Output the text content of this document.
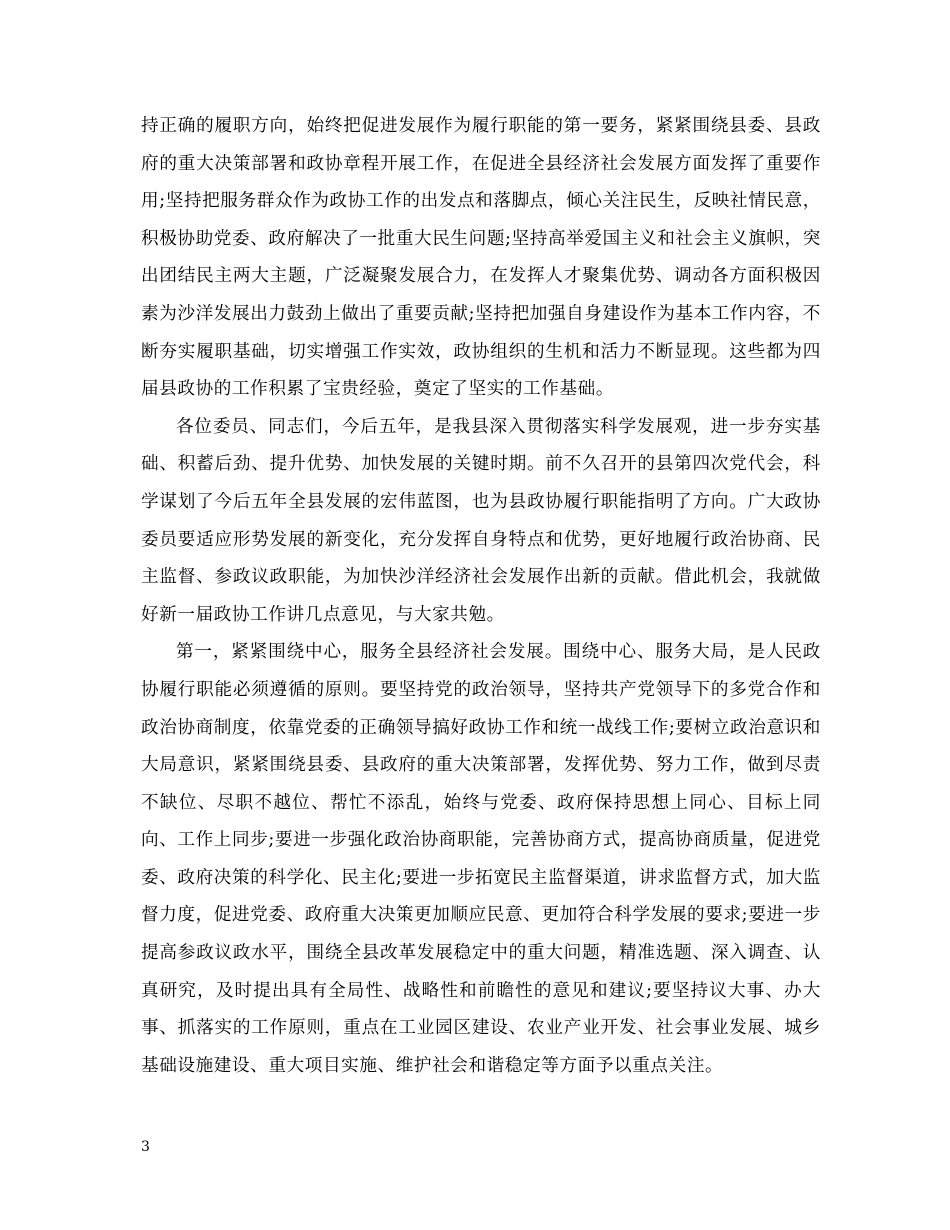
持正确的履职方向，始终把促进发展作为履行职能的第一要务，紧紧围绕县委、县政府的重大决策部署和政协章程开展工作，在促进全县经济社会发展方面发挥了重要作用;坚持把服务群众作为政协工作的出发点和落脚点，倾心关注民生，反映社情民意，积极协助党委、政府解决了一批重大民生问题;坚持高举爱国主义和社会主义旗帜，突出团结民主两大主题，广泛凝聚发展合力，在发挥人才聚集优势、调动各方面积极因素为沙洋发展出力鼓劲上做出了重要贡献;坚持把加强自身建设作为基本工作内容，不断夯实履职基础，切实增强工作实效，政协组织的生机和活力不断显现。这些都为四届县政协的工作积累了宝贵经验，奠定了坚实的工作基础。

各位委员、同志们，今后五年，是我县深入贯彻落实科学发展观，进一步夯实基础、积蓄后劲、提升优势、加快发展的关键时期。前不久召开的县第四次党代会，科学谋划了今后五年全县发展的宏伟蓝图，也为县政协履行职能指明了方向。广大政协委员要适应形势发展的新变化，充分发挥自身特点和优势，更好地履行政治协商、民主监督、参政议政职能，为加快沙洋经济社会发展作出新的贡献。借此机会，我就做好新一届政协工作讲几点意见，与大家共勉。

第一，紧紧围绕中心，服务全县经济社会发展。围绕中心、服务大局，是人民政协履行职能必须遵循的原则。要坚持党的政治领导，坚持共产党领导下的多党合作和政治协商制度，依靠党委的正确领导搞好政协工作和统一战线工作;要树立政治意识和大局意识，紧紧围绕县委、县政府的重大决策部署，发挥优势、努力工作，做到尽责不缺位、尽职不越位、帮忙不添乱，始终与党委、政府保持思想上同心、目标上同向、工作上同步;要进一步强化政治协商职能，完善协商方式，提高协商质量，促进党委、政府决策的科学化、民主化;要进一步拓宽民主监督渠道，讲求监督方式，加大监督力度，促进党委、政府重大决策更加顺应民意、更加符合科学发展的要求;要进一步提高参政议政水平，围绕全县改革发展稳定中的重大问题，精准选题、深入调查、认真研究，及时提出具有全局性、战略性和前瞻性的意见和建议;要坚持议大事、办大事、抓落实的工作原则，重点在工业园区建设、农业产业开发、社会事业发展、城乡基础设施建设、重大项目实施、维护社会和谐稳定等方面予以重点关注。

3
